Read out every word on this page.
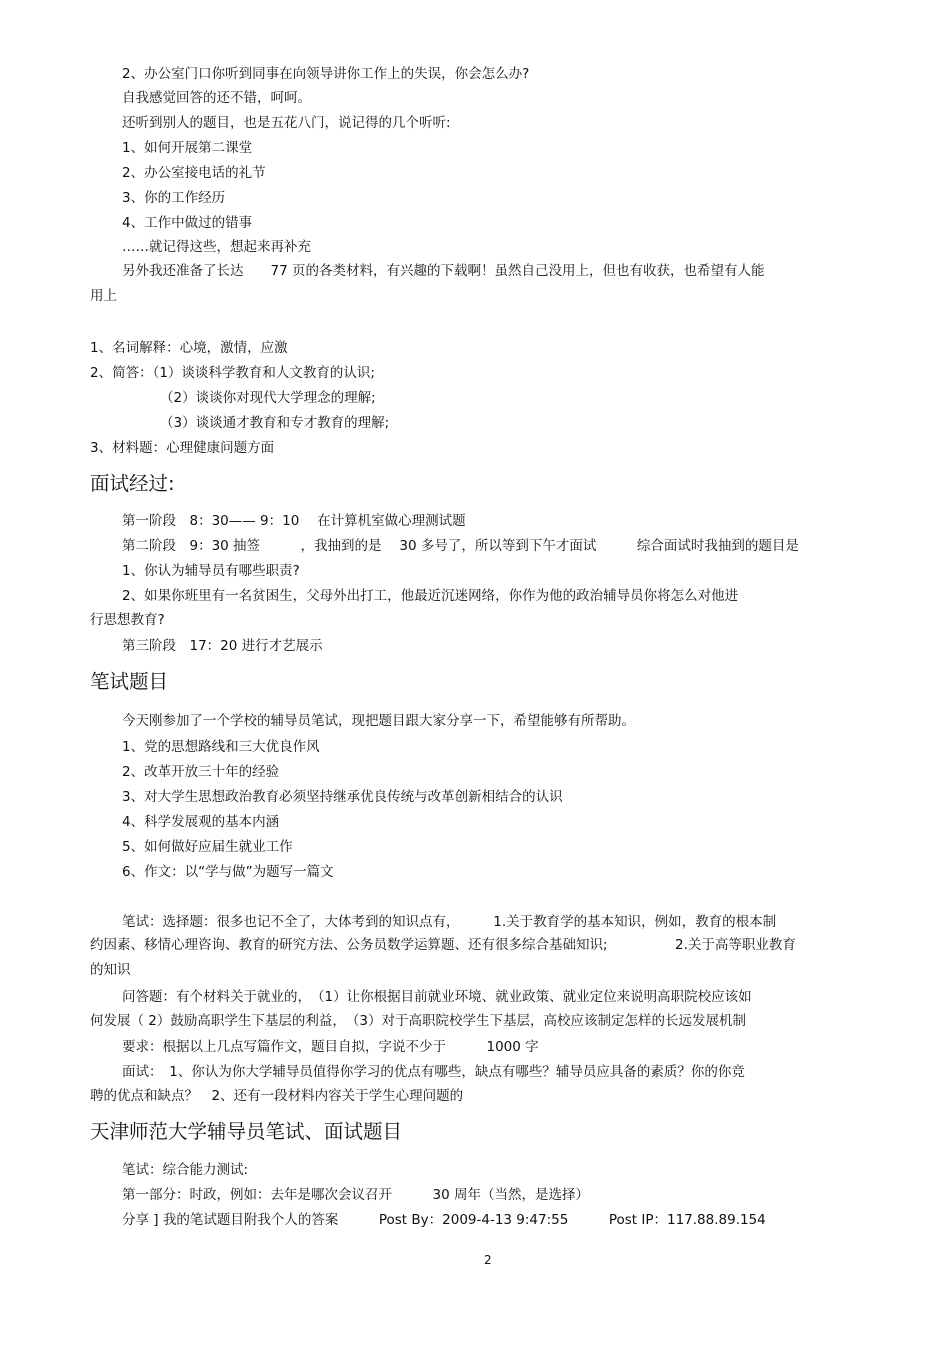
2、办公室门口你听到同事在向领导讲你工作上的失误，你会怎么办?
自我感觉回答的还不错，呵呵。
还听到别人的题目，也是五花八门，说记得的几个听听:
1、如何开展第二课堂
2、办公室接电话的礼节
3、你的工作经历
4、工作中做过的错事
……就记得这些，想起来再补充
另外我还准备了长达　　77 页的各类材料，有兴趣的下载啊！虽然自己没用上，但也有收获，也希望有人能
用上
1、名词解释：心境，激情，应激
2、简答：（1）谈谈科学教育和人文教育的认识;
（2）谈谈你对现代大学理念的理解;
（3）谈谈通才教育和专才教育的理解;
3、材料题：心理健康问题方面
面试经过:
第一阶段　8：30—— 9：10　 在计算机室做心理测试题
第二阶段　9：30 抽签　　　，我抽到的是　 30 多号了，所以等到下午才面试　　　综合面试时我抽到的题目是
1、你认为辅导员有哪些职责?
2、如果你班里有一名贫困生，父母外出打工，他最近沉迷网络，你作为他的政治辅导员你将怎么对他进
行思想教育?
第三阶段　17：20 进行才艺展示
笔试题目
今天刚参加了一个学校的辅导员笔试，现把题目跟大家分享一下，希望能够有所帮助。
1、党的思想路线和三大优良作风
2、改革开放三十年的经验
3、对大学生思想政治教育必须坚持继承优良传统与改革创新相结合的认识
4、科学发展观的基本内涵
5、如何做好应届生就业工作
6、作文：以“学与做”为题写一篇文
笔试：选择题：很多也记不全了，大体考到的知识点有，　　　1.关于教育学的基本知识，例如，教育的根本制
约因素、移情心理咨询、教育的研究方法、公务员数学运算题、还有很多综合基础知识;　　　　　2.关于高等职业教育
的知识
问答题：有个材料关于就业的，　（1）让你根据目前就业环境、就业政策、就业定位来说明高职院校应该如
何发展（ 2）鼓励高职学生下基层的利益，　（3）对于高职院校学生下基层，高校应该制定怎样的长远发展机制
要求：根据以上几点写篇作文，题目自拟，字说不少于　　　1000 字
面试：　1、你认为你大学辅导员值得你学习的优点有哪些，缺点有哪些？辅导员应具备的素质？你的你竞
聘的优点和缺点？　2、还有一段材料内容关于学生心理问题的
天津师范大学辅导员笔试、面试题目
笔试：综合能力测试:
第一部分：时政，例如：去年是哪次会议召开　　　30 周年（当然，是选择）
分享 ] 我的笔试题目附我个人的答案　　　Post By：2009-4-13 9:47:55　　　Post IP：117.88.89.154
2
